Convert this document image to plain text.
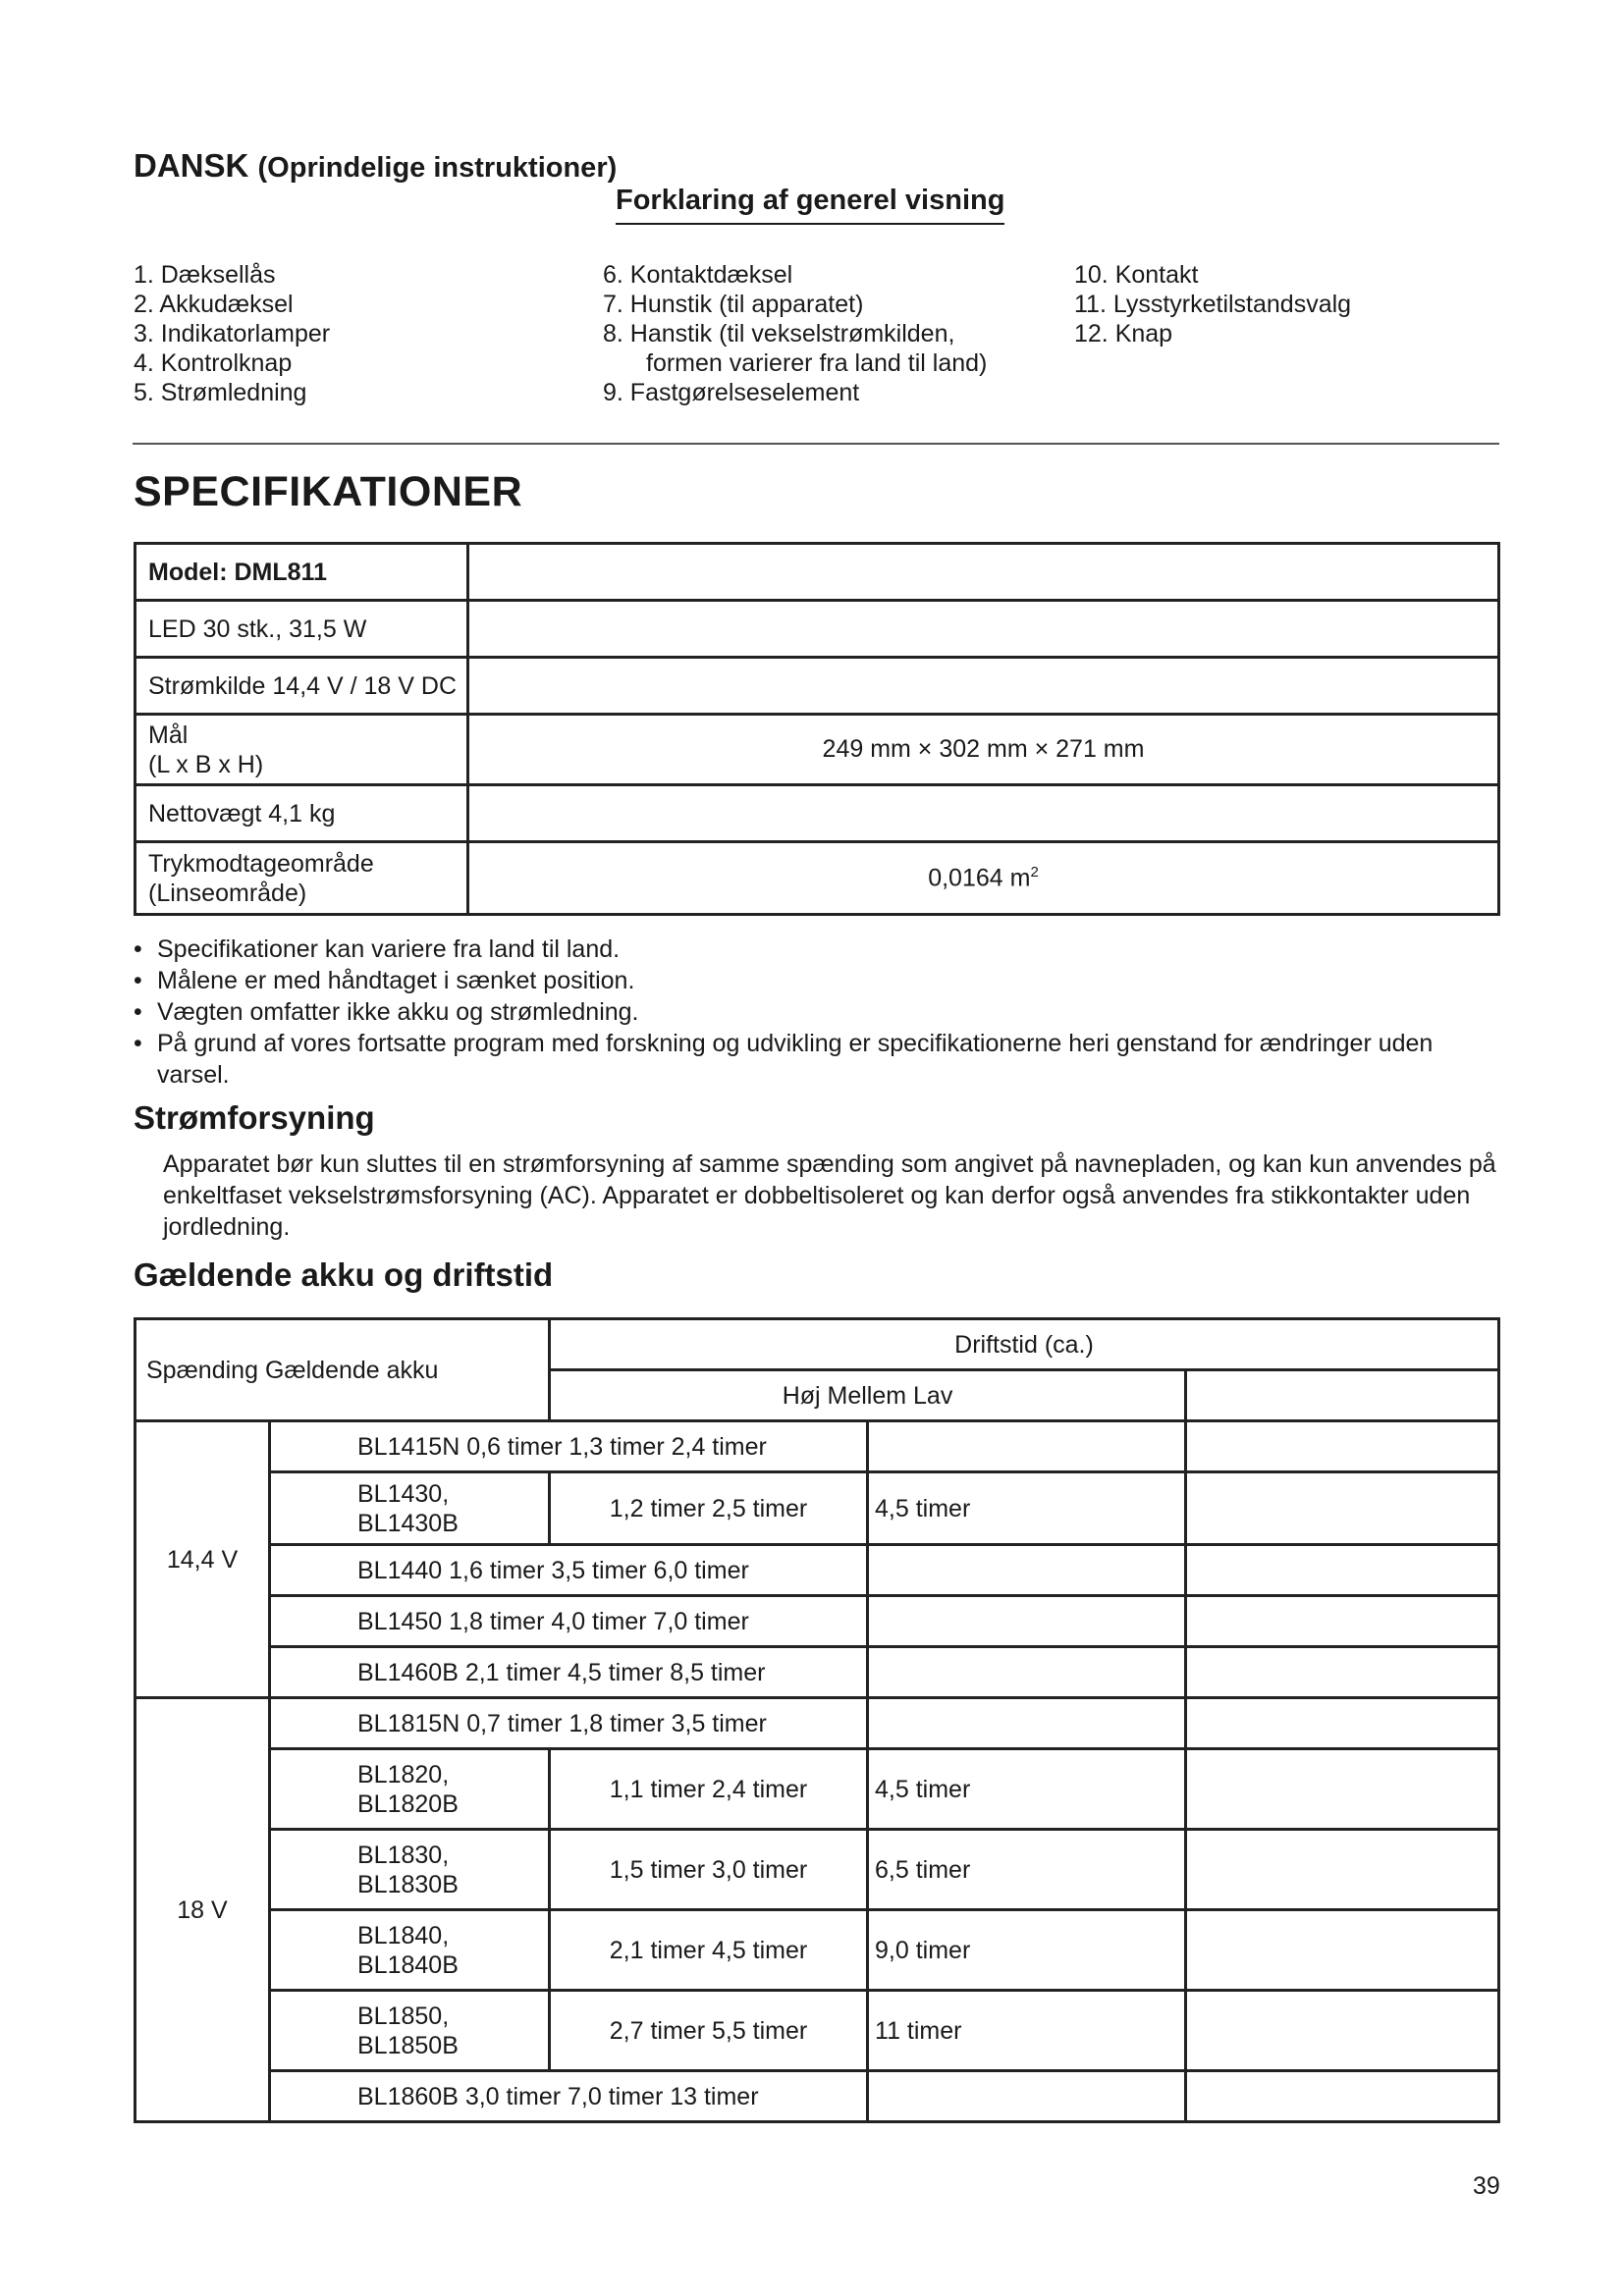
DANSK (Oprindelige instruktioner)
Forklaring af generel visning
1. Dæksellås
2. Akkudæksel
3. Indikatorlamper
4. Kontrolknap
5. Strømledning
6. Kontaktdæksel
7. Hunstik (til apparatet)
8. Hanstik (til vekselstrømkilden,
formen varierer fra land til land)
9. Fastgørelseselement
10. Kontakt
11. Lysstyrketilstandsvalg
12. Knap
SPECIFIKATIONER
Model: DML811	
LED 30 stk., 31,5 W	
Strømkilde 14,4 V / 18 V DC	

Mål
(L x B x H)	249 mm × 302 mm × 271 mm
Nettovægt 4,1 kg	

Trykmodtageområde
(Linseområde)	0,0164 $m^2$
• Specifikationer kan variere fra land til land.
• Målene er med håndtaget i sænket position.
• Vægten omfatter ikke akku og strømledning.
• På grund af vores fortsatte program med forskning og udvikling er specifikationerne heri genstand for ændringer uden varsel.
Strømforsyning
Apparatet bør kun sluttes til en strømforsyning af samme spænding som angivet på navnepladen, og kan kun anvendes på enkeltfaset vekselstrømsforsyning (AC). Apparatet er dobbeltisoleret og kan derfor også anvendes fra stikkontakter uden jordledning.
Gældende akku og driftstid
Spænding Gældende akku		Driftstid (ca.)		
		Høj Mellem Lav		
14,4 V	BL1415N 0,6 timer 1,3 timer 2,4 timer			

	BL1430,
BL1430B	1,2 timer 2,5 timer	4,5 timer	
	BL1440 1,6 timer 3,5 timer 6,0 timer			
	BL1450 1,8 timer 4,0 timer 7,0 timer			
	BL1460B 2,1 timer 4,5 timer 8,5 timer			
18 V	BL1815N 0,7 timer 1,8 timer 3,5 timer			

	BL1820,
BL1820B	1,1 timer 2,4 timer	4,5 timer	

	BL1830,
BL1830B	1,5 timer 3,0 timer	6,5 timer	

	BL1840,
BL1840B	2,1 timer 4,5 timer	9,0 timer	

	BL1850,
BL1850B	2,7 timer 5,5 timer	11 timer	
	BL1860B 3,0 timer 7,0 timer 13 timer			
39
